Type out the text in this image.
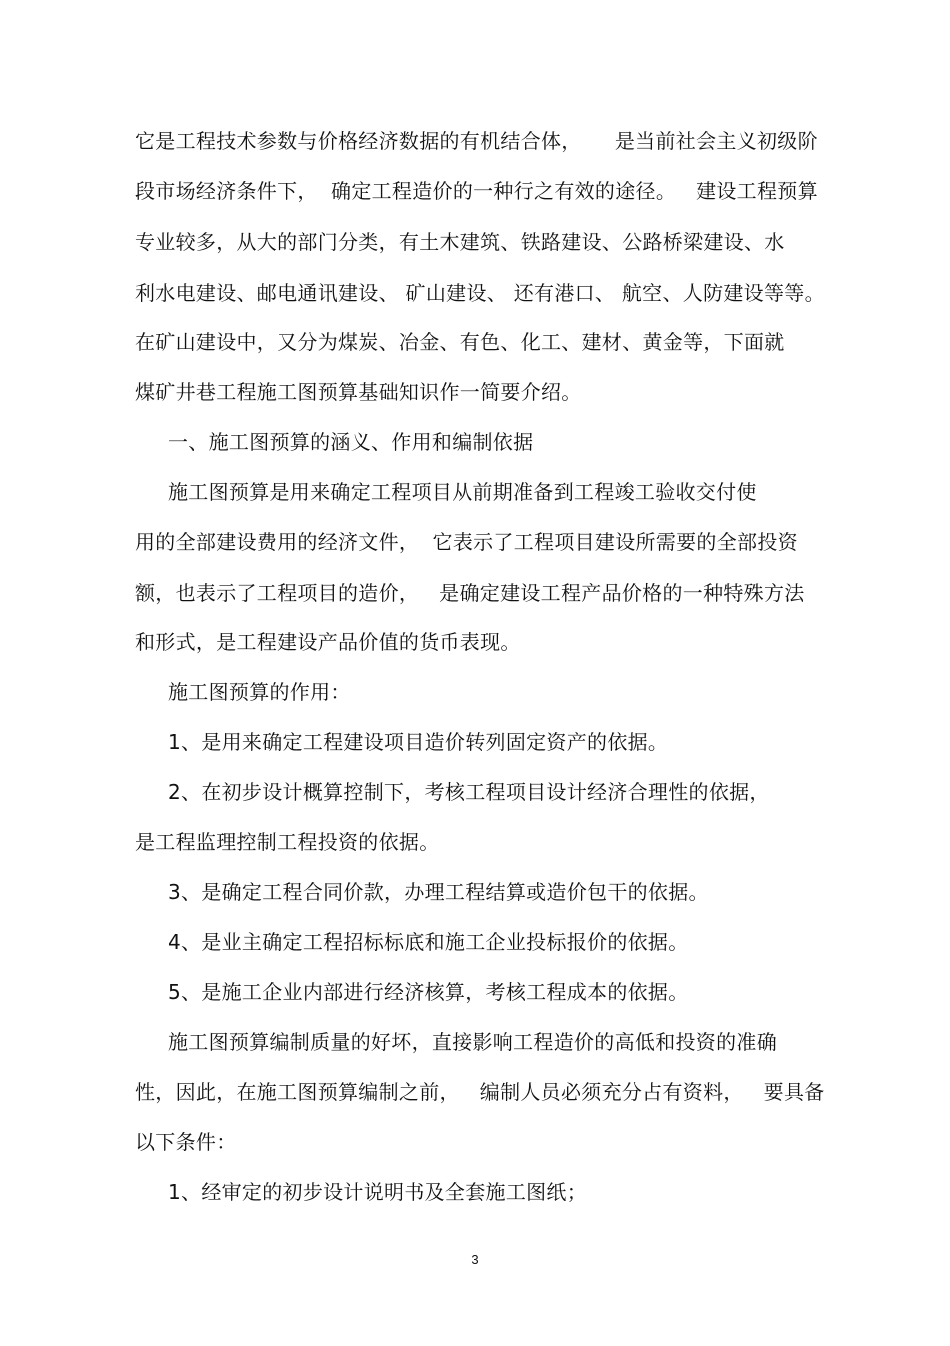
它是工程技术参数与价格经济数据的有机结合体，     是当前社会主义初级阶
段市场经济条件下，  确定工程造价的一种行之有效的途径。   建设工程预算
专业较多，从大的部门分类，有土木建筑、铁路建设、公路桥梁建设、水
利水电建设、邮电通讯建设、 矿山建设、 还有港口、 航空、人防建设等等。
在矿山建设中，又分为煤炭、冶金、有色、化工、建材、黄金等，下面就
煤矿井巷工程施工图预算基础知识作一简要介绍。
一、施工图预算的涵义、作用和编制依据
施工图预算是用来确定工程项目从前期准备到工程竣工验收交付使
用的全部建设费用的经济文件，  它表示了工程项目建设所需要的全部投资
额，也表示了工程项目的造价，   是确定建设工程产品价格的一种特殊方法
和形式，是工程建设产品价值的货币表现。
施工图预算的作用：
1、是用来确定工程建设项目造价转列固定资产的依据。
2、在初步设计概算控制下，考核工程项目设计经济合理性的依据，
是工程监理控制工程投资的依据。
3、是确定工程合同价款，办理工程结算或造价包干的依据。
4、是业主确定工程招标标底和施工企业投标报价的依据。
5、是施工企业内部进行经济核算，考核工程成本的依据。
施工图预算编制质量的好坏，直接影响工程造价的高低和投资的准确
性，因此，在施工图预算编制之前，   编制人员必须充分占有资料，   要具备
以下条件：
1、经审定的初步设计说明书及全套施工图纸；
3
